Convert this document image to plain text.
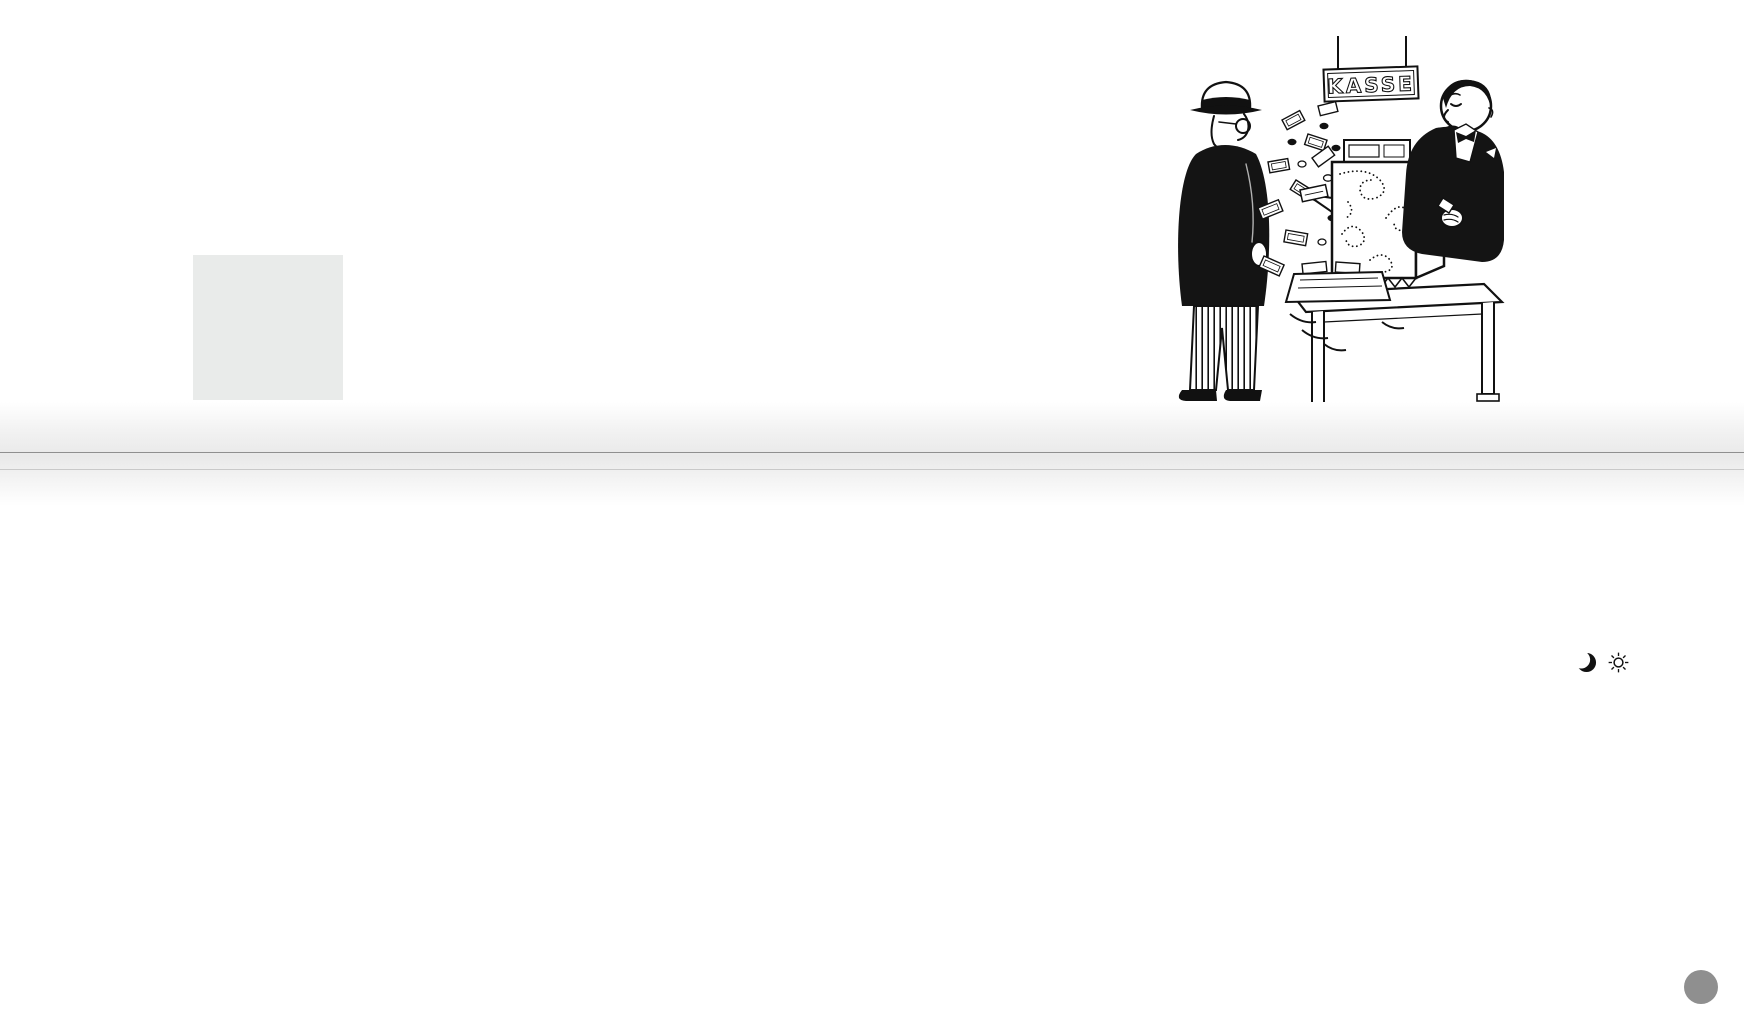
KASSE
